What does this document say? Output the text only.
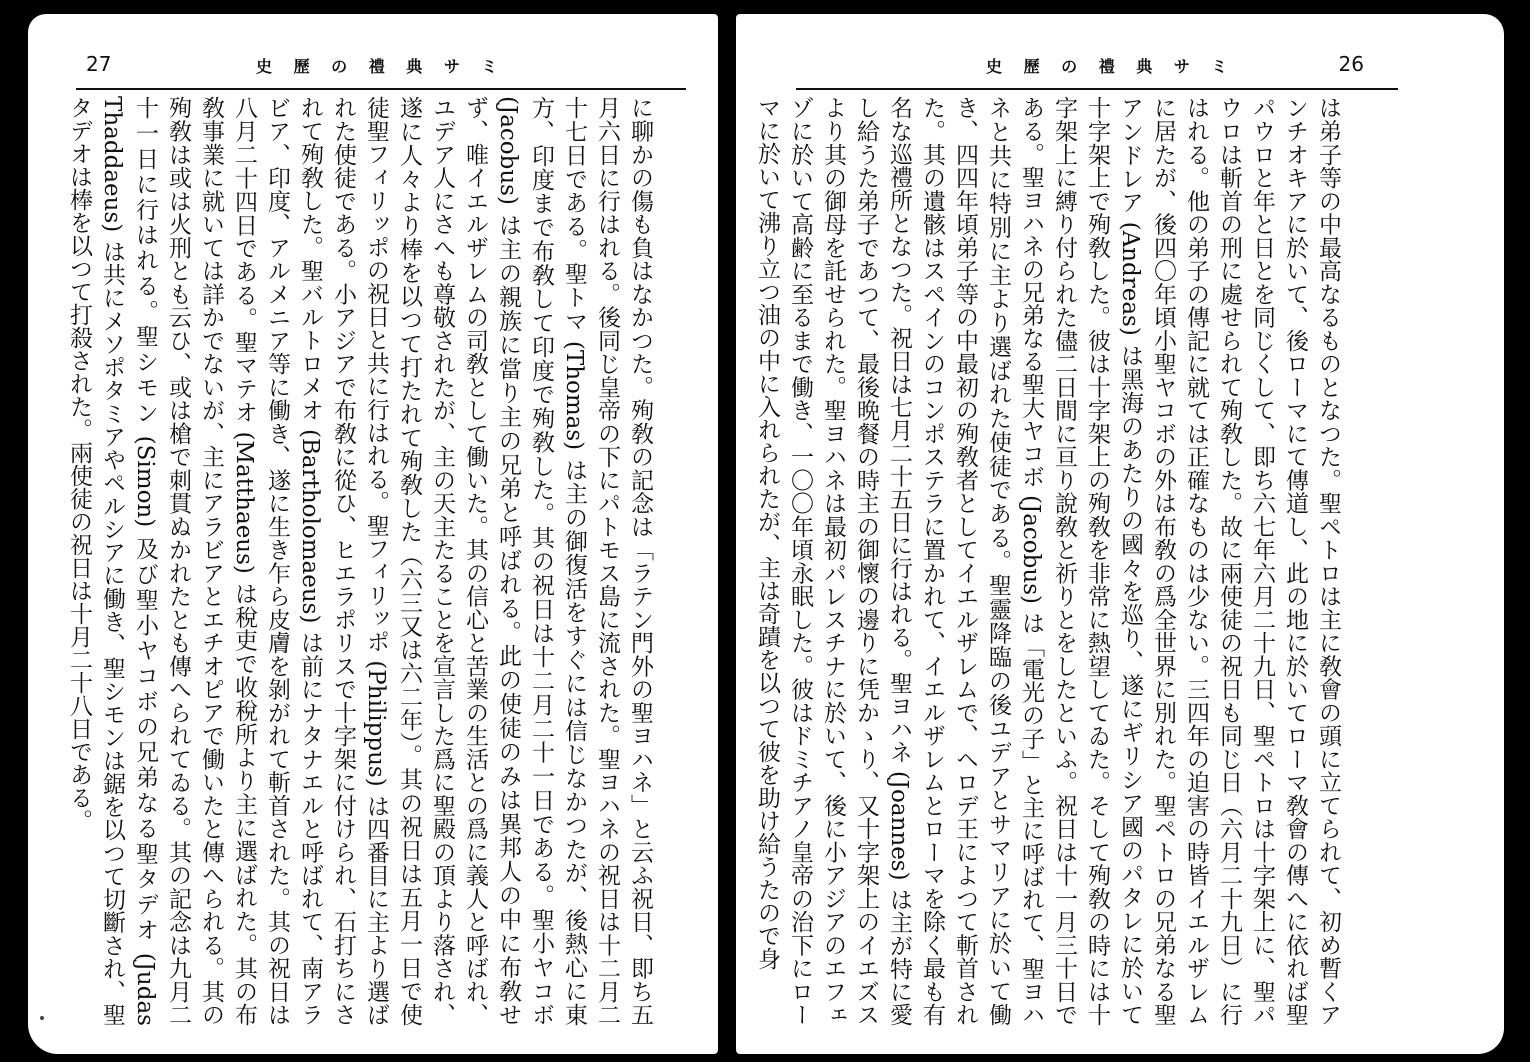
27	史 歷 の 禮 典 サ ミ
に聊かの傷も負はなかつた。殉敎の記念は「ラテン門外の聖ヨハネ」と云ふ祝日、即ち五月六日に行はれる。後同じ皇帝の下にパトモス島に流された。聖ヨハネの祝日は十二月二十七日である。聖トマ (Thomas) は主の御復活をすぐには信じなかつたが、後熱心に東方、印度まで布敎して印度で殉敎した。其の祝日は十二月二十一日である。聖小ヤコボ (Jacobus) は主の親族に當り主の兄弟と呼ばれる。此の使徒のみは異邦人の中に布敎せず、唯イエルザレムの司敎として働いた。其の信心と苦業の生活との爲に義人と呼ばれ、ユデア人にさへも尊敬されたが、主の天主たることを宣言した爲に聖殿の頂より落され、遂に人々より棒を以つて打たれて殉敎した（六三又は六二年）。其の祝日は五月一日で使徒聖フィリッポの祝日と共に行はれる。聖フィリッポ (Philippus) は四番目に主より選ばれた使徒である。小アジアで布敎に從ひ、ヒエラポリスで十字架に付けられ、石打ちにされて殉敎した。聖バルトロメオ (Bartholomaeus) は前にナタナエルと呼ばれて、南アラビア、印度、アルメニア等に働き、遂に生き乍ら皮膚を剝がれて斬首された。其の祝日は八月二十四日である。聖マテオ (Matthaeus) は稅吏で收稅所より主に選ばれた。其の布敎事業に就いては詳かでないが、主にアラビアとエチオピアで働いたと傳へられる。其の殉敎は或は火刑とも云ひ、或は槍で刺貫ぬかれたとも傳へられてゐる。其の記念は九月二十一日に行はれる。聖シモン (Simon) 及び聖小ヤコボの兄弟なる聖タデオ (Judas Thaddaeus) は共にメソポタミアやペルシアに働き、聖シモンは鋸を以つて切斷され、聖タデオは棒を以つて打殺された。兩使徒の祝日は十月二十八日である。
26
史 歷 の 禮 典 サ ミ
は弟子等の中最高なるものとなつた。聖ペトロは主に敎會の頭に立てられて、初め暫くアンチオキアに於いて、後ローマにて傳道し、此の地に於いてローマ敎會の傳へに依れば聖パウロと年と日とを同じくして、即ち六七年六月二十九日、聖ペトロは十字架上に、聖パウロは斬首の刑に處せられて殉敎した。故に兩使徒の祝日も同じ日（六月二十九日）に行はれる。他の弟子の傳記に就ては正確なものは少ない。三四年の迫害の時皆イエルザレムに居たが、後四〇年頃小聖ヤコボの外は布敎の爲全世界に別れた。聖ペトロの兄弟なる聖アンドレア (Andreas) は黑海のあたりの國々を巡り、遂にギリシア國のパタレに於いて十字架上で殉敎した。彼は十字架上の殉敎を非常に熱望してゐた。そして殉敎の時には十字架上に縛り付られた儘二日間に亘り說敎と祈りとをしたといふ。祝日は十一月三十日である。聖ヨハネの兄弟なる聖大ヤコボ (Jacobus) は「電光の子」と主に呼ばれて、聖ヨハネと共に特別に主より選ばれた使徒である。聖靈降臨の後ユデアとサマリアに於いて働き、四四年頃弟子等の中最初の殉敎者としてイエルザレムで、ヘロデ王によつて斬首された。其の遺骸はスペインのコンポステラに置かれて、イエルザレムとローマを除く最も有名な巡禮所となつた。祝日は七月二十五日に行はれる。聖ヨハネ (Joannes) は主が特に愛し給うた弟子であつて、最後晩餐の時主の御懷の邊りに凭かゝり、又十字架上のイエズスより其の御母を託せられた。聖ヨハネは最初パレスチナに於いて、後に小アジアのエフェゾに於いて高齢に至るまで働き、一〇〇年頃永眠した。彼はドミチアノ皇帝の治下にローマに於いて沸り立つ油の中に入れられたが、主は奇蹟を以つて彼を助け給うたので身
